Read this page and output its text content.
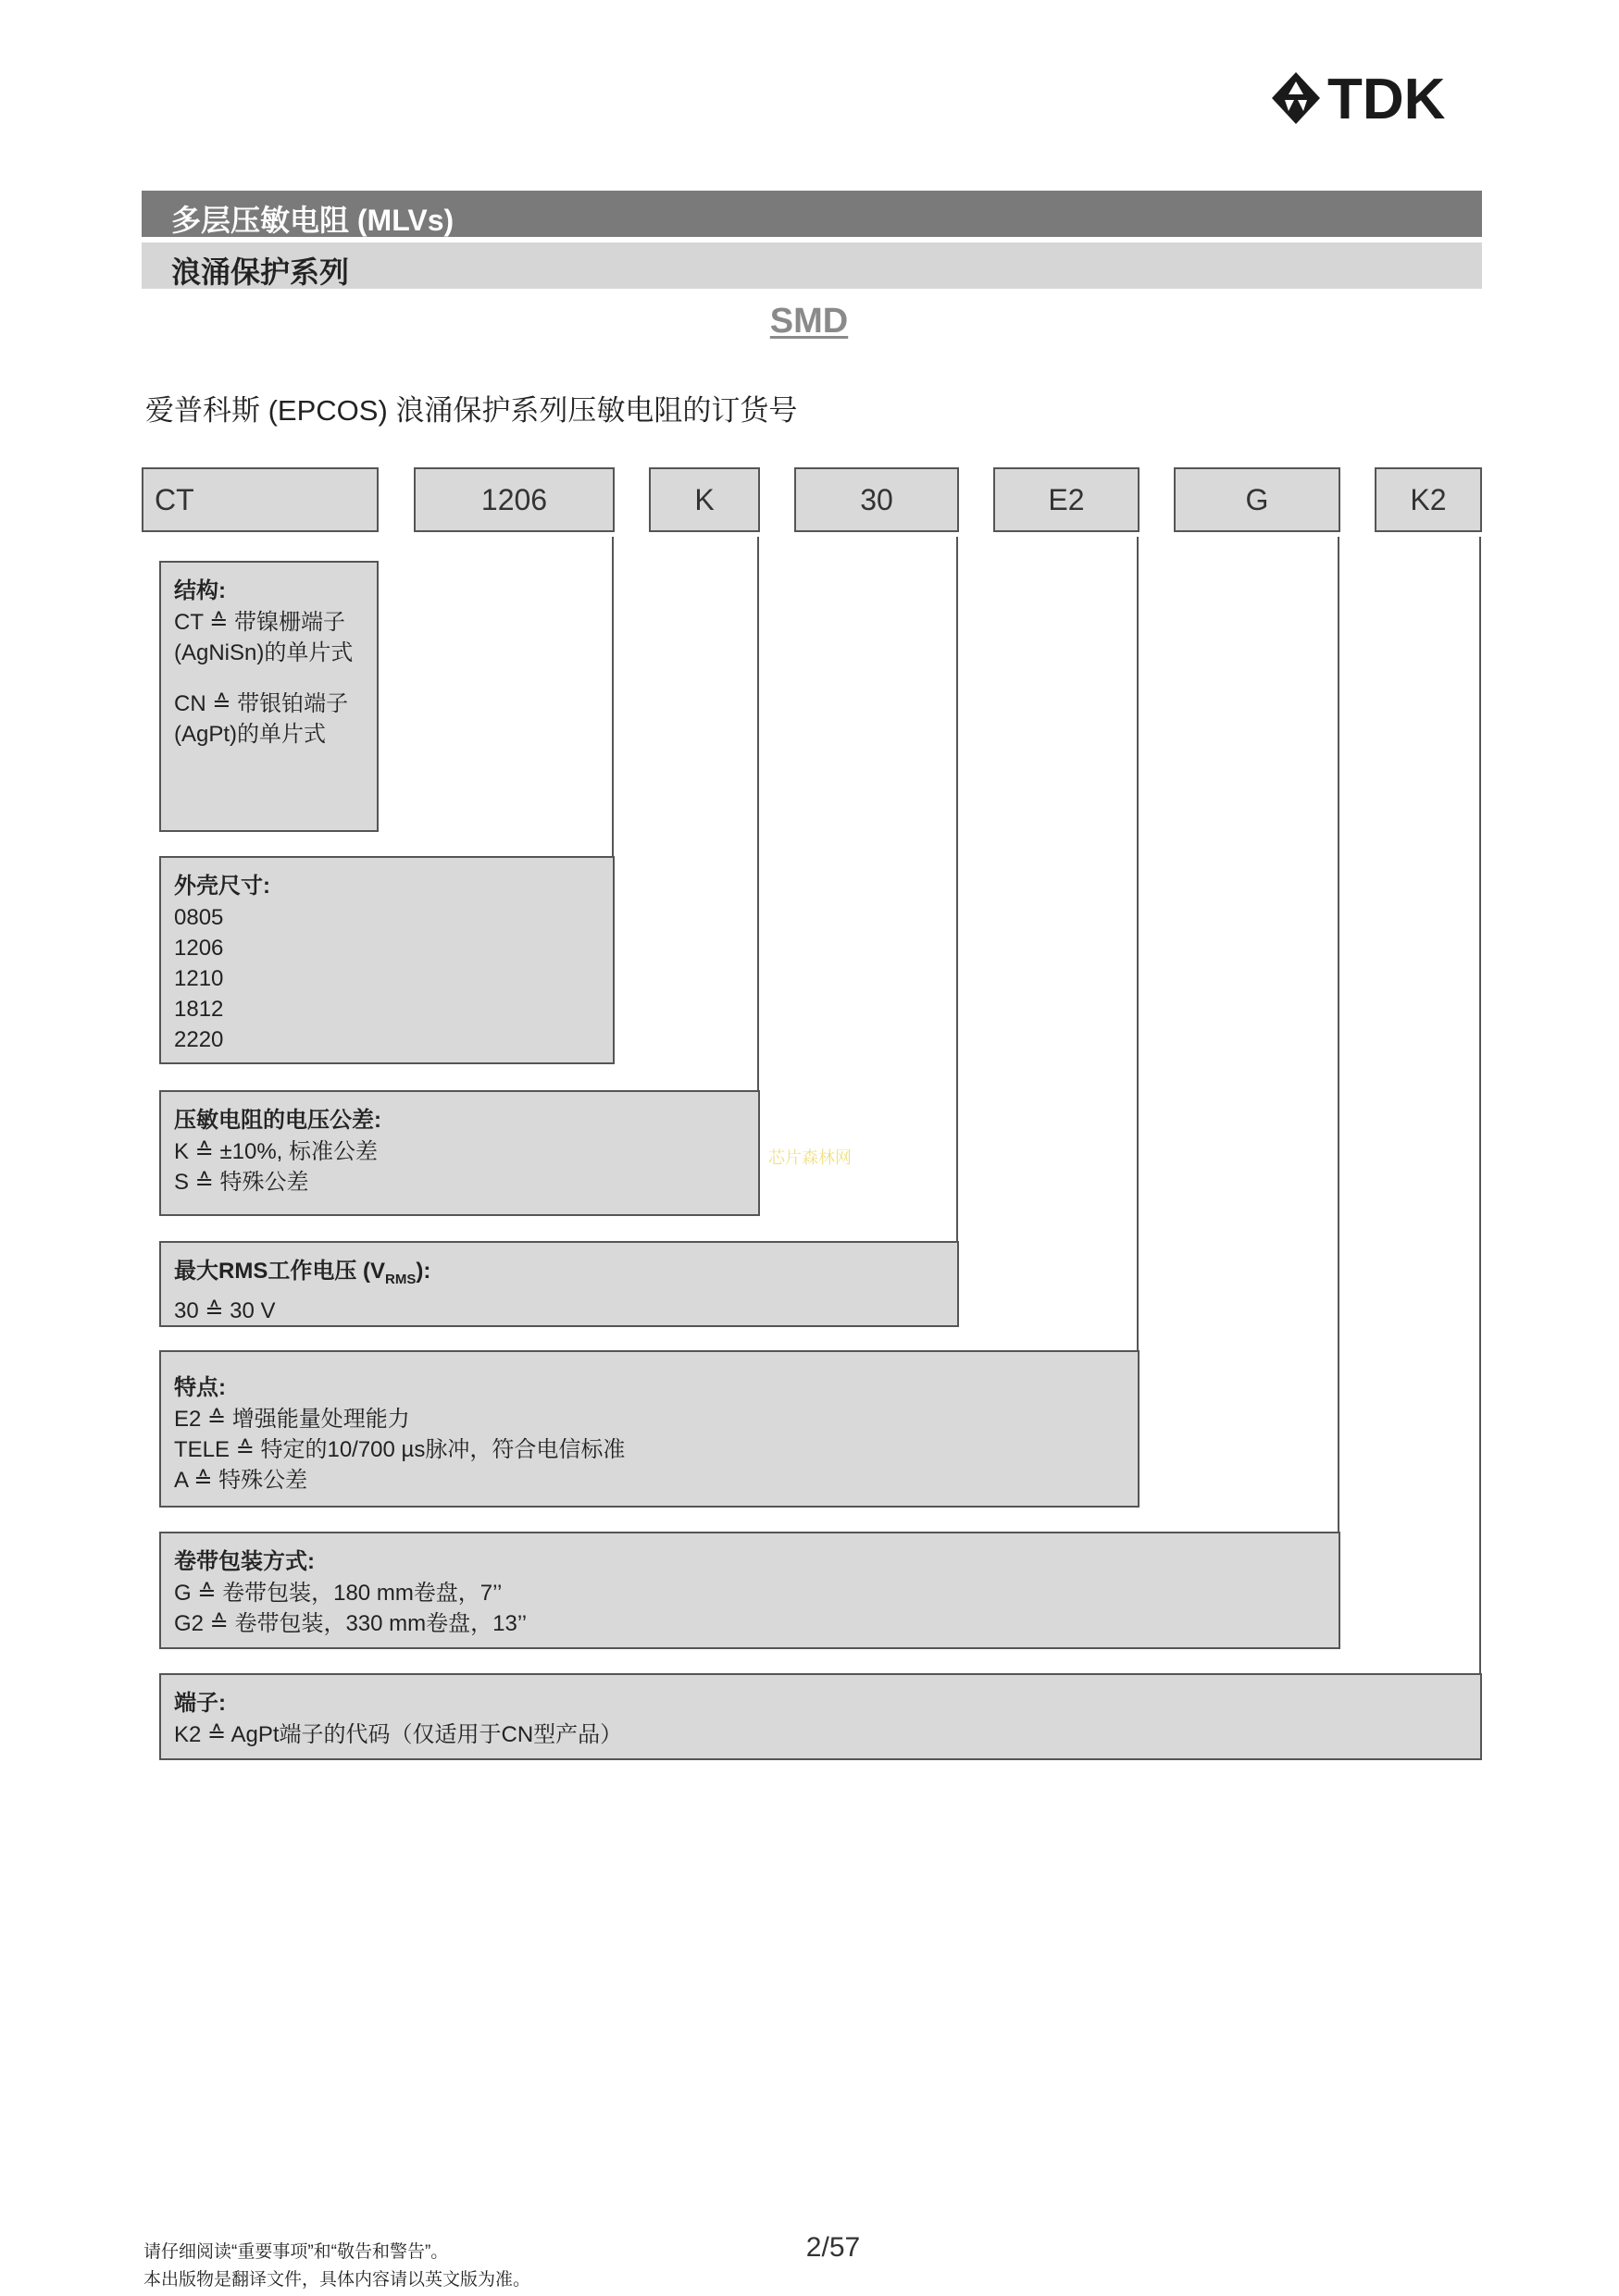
TDK
多层压敏电阻 (MLVs)
浪涌保护系列
SMD
爱普科斯 (EPCOS) 浪涌保护系列压敏电阻的订货号
CT	1206	K	30	E2	G	K2
结构:
CT ≙ 带镍栅端子
(AgNiSn)的单片式
CN ≙ 带银铂端子
(AgPt)的单片式
外壳尺寸:
0805
1206
1210
1812
2220
压敏电阻的电压公差:
K ≙ ±10%, 标准公差
S ≙ 特殊公差
最大RMS工作电压 $(V_{RMS})$:
30 ≙ 30 V
特点:
E2 ≙ 增强能量处理能力
TELE ≙ 特定的10/700 µs脉冲，符合电信标准
A ≙ 特殊公差
卷带包装方式:
G ≙ 卷带包装，180 mm卷盘，7’’
G2 ≙ 卷带包装，330 mm卷盘，13’’
端子:
K2 ≙ AgPt端子的代码（仅适用于CN型产品）
芯片森林网
请仔细阅读“重要事项”和“敬告和警告”。
本出版物是翻译文件，具体内容请以英文版为准。
2/57
